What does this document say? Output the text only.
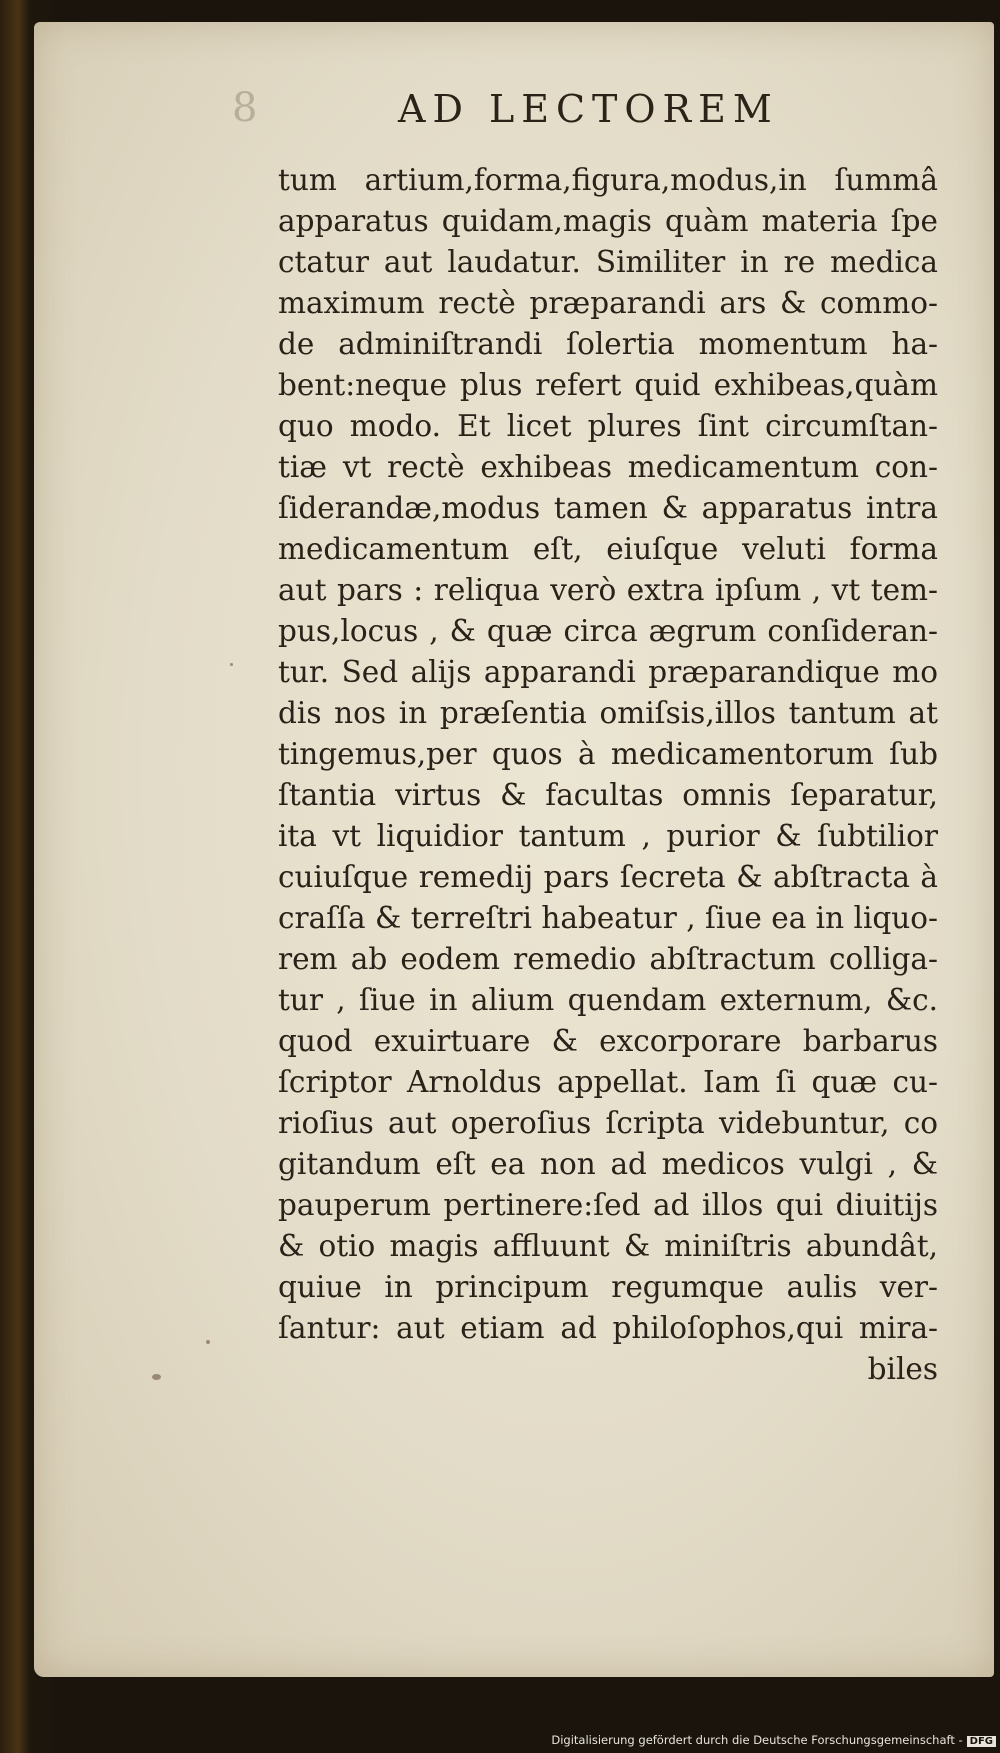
8	AD LECTOREM

tum artium,forma,figura,modus,in ſummâ

apparatus quidam,magis quàm materia ſpe

ctatur aut laudatur. Similiter in re medica

maximum rectè præparandi ars & commo-

de adminiſtrandi ſolertia momentum ha-

bent:neque plus refert quid exhibeas,quàm

quo modo. Et licet plures ſint circumſtan-

tiæ vt rectè exhibeas medicamentum con-

ſiderandæ,modus tamen & apparatus intra

medicamentum eſt, eiuſque veluti forma

aut pars : reliqua verò extra ipſum , vt tem-

pus,locus , & quæ circa ægrum conſideran-

tur. Sed alijs apparandi præparandique mo

dis nos in præſentia omiſsis,illos tantum at

tingemus,per quos à medicamentorum ſub

ſtantia virtus & facultas omnis ſeparatur,

ita vt liquidior tantum , purior & ſubtilior

cuiuſque remedij pars ſecreta & abſtracta à

craſſa & terreſtri habeatur , ſiue ea in liquo-

rem ab eodem remedio abſtractum colliga-

tur , ſiue in alium quendam externum, &c.

quod exuirtuare & excorporare barbarus

ſcriptor Arnoldus appellat. Iam ſi quæ cu-

rioſius aut operoſius ſcripta videbuntur, co

gitandum eſt ea non ad medicos vulgi , &

pauperum pertinere:ſed ad illos qui diuitijs

& otio magis affluunt & miniſtris abundât,

quiue in principum regumque aulis ver-

ſantur: aut etiam ad philoſophos,qui mira-

biles

Digitalisierung gefördert durch die Deutsche Forschungsgemeinschaft - DFG
